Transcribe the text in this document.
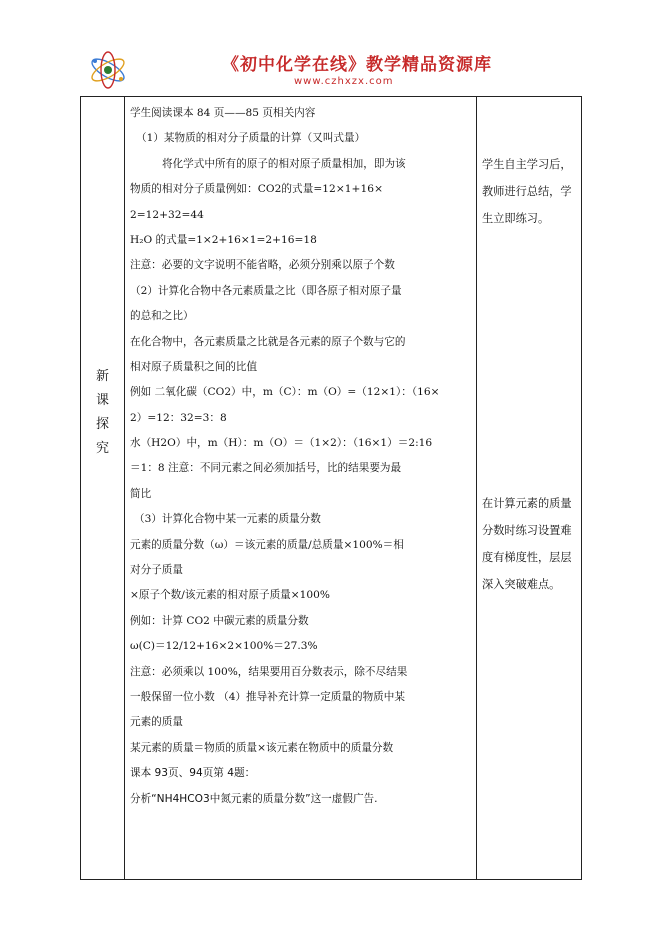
《初中化学在线》教学精品资源库
www.czhxzx.com
新
课
探
究
学生阅读课本 84 页——85 页相关内容
（1）某物质的相对分子质量的计算（又叫式量）
将化学式中所有的原子的相对原子质量相加，即为该
物质的相对分子质量例如：CO2的式量=12×1+16×
2=12+32=44
H₂O 的式量=1×2+16×1=2+16=18
注意：必要的文字说明不能省略，必须分别乘以原子个数
（2）计算化合物中各元素质量之比（即各原子相对原子量
的总和之比）
在化合物中，各元素质量之比就是各元素的原子个数与它的
相对原子质量积之间的比值
例如 二氧化碳（CO2）中，m（C）：m（O）=（12×1）：（16×
2）=12：32=3：8
水（H2O）中，m（H）：m（O）＝（1×2）：（16×1）＝2:16
＝1：8 注意：不同元素之间必须加括号，比的结果要为最
简比
（3）计算化合物中某一元素的质量分数
元素的质量分数（ω）＝该元素的质量/总质量×100%＝相
对分子质量
×原子个数/该元素的相对原子质量×100%
例如：计算 CO2 中碳元素的质量分数
ω(C)＝12/12+16×2×100%＝27.3%
注意：必须乘以 100%，结果要用百分数表示，除不尽结果
一般保留一位小数 （4）推导补充计算一定质量的物质中某
元素的质量
某元素的质量＝物质的质量×该元素在物质中的质量分数
课本 93页、94页第 4题：
分析“NH4HCO3中氮元素的质量分数”这一虚假广告.
学生自主学习后，
教师进行总结，学
生立即练习。
在计算元素的质量
分数时练习设置难
度有梯度性，层层
深入突破难点。
